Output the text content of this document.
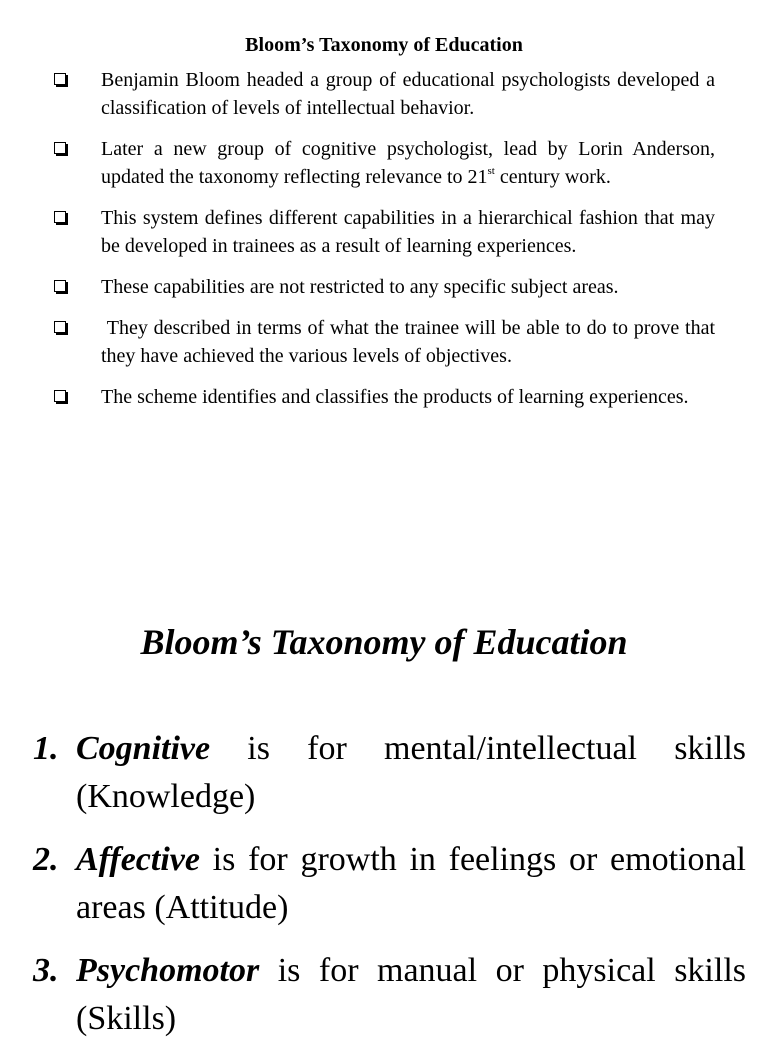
Bloom’s Taxonomy of Education
Benjamin Bloom headed a group of educational psychologists developed a classification of levels of intellectual behavior.
Later a new group of cognitive psychologist, lead by Lorin Anderson, updated the taxonomy reflecting relevance to 21st century work.
This system defines different capabilities in a hierarchical fashion that may be developed in trainees as a result of learning experiences.
These capabilities are not restricted to any specific subject areas.
They described in terms of what the trainee will be able to do to prove that they have achieved the various levels of objectives.
The scheme identifies and classifies the products of learning experiences.
Bloom’s Taxonomy of Education
1. Cognitive is for mental/intellectual skills (Knowledge)
2. Affective is for growth in feelings or emotional areas (Attitude)
3. Psychomotor is for manual or physical skills (Skills)
